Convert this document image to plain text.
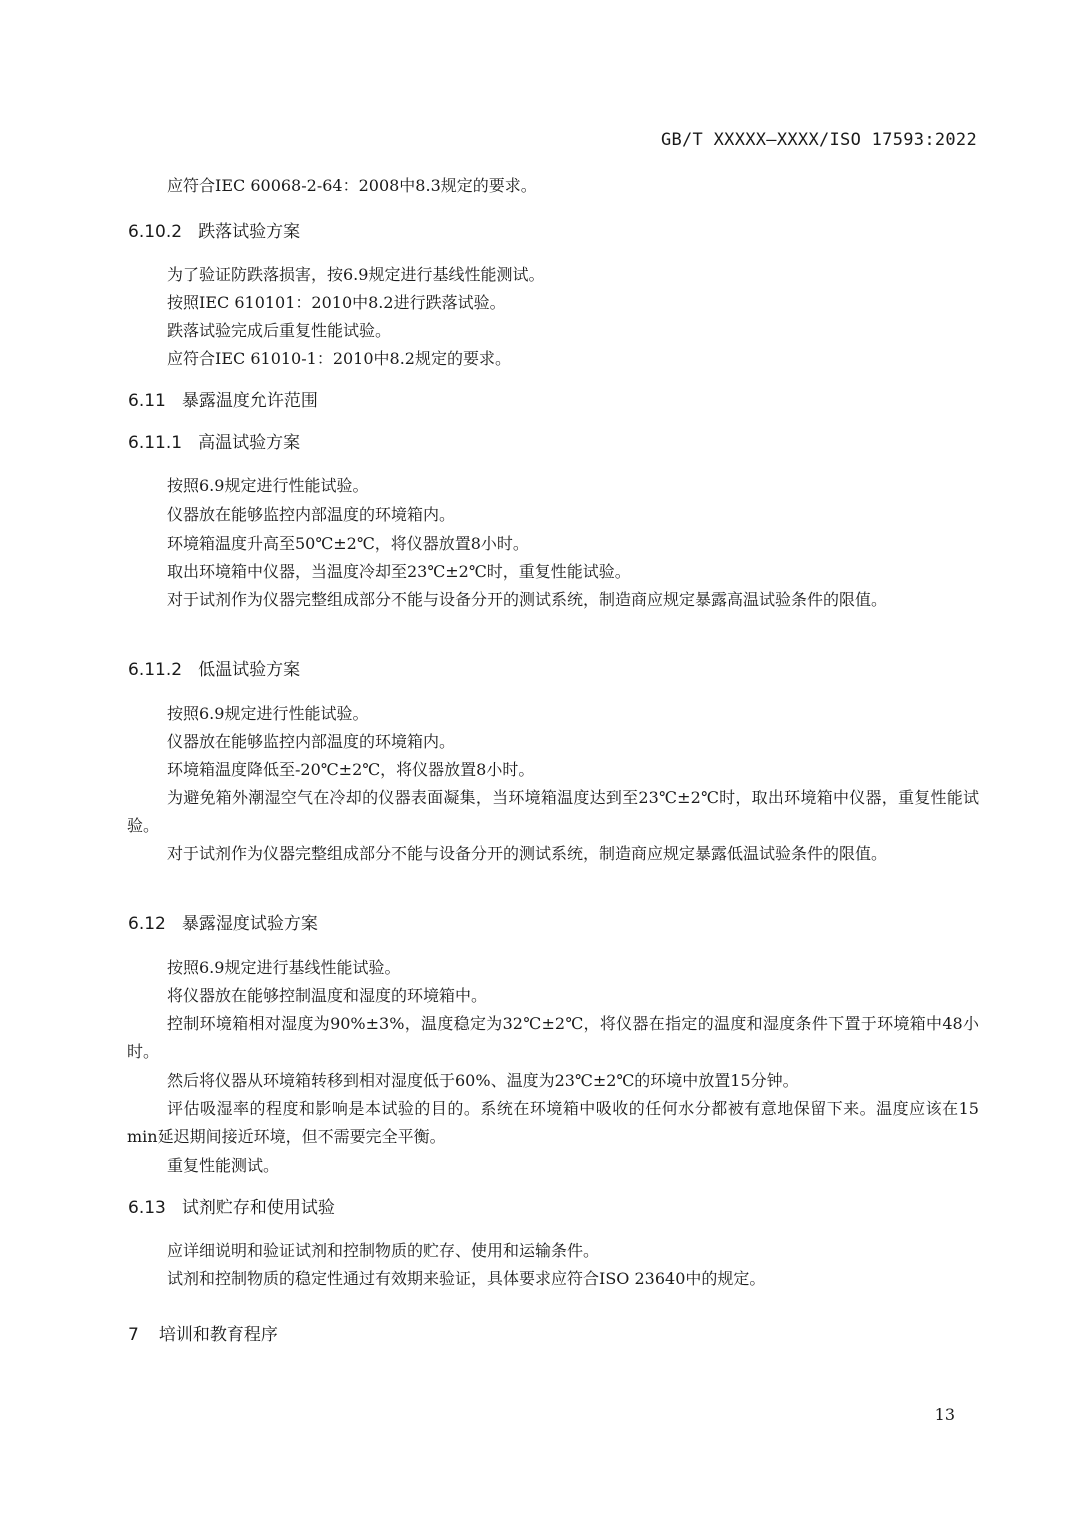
GB/T XXXXX—XXXX/ISO 17593:2022
应符合IEC 60068-2-64：2008中8.3规定的要求。
6.10.2 跌落试验方案
为了验证防跌落损害，按6.9规定进行基线性能测试。
按照IEC 610101：2010中8.2进行跌落试验。
跌落试验完成后重复性能试验。
应符合IEC 61010-1：2010中8.2规定的要求。
6.11 暴露温度允许范围
6.11.1 高温试验方案
按照6.9规定进行性能试验。
仪器放在能够监控内部温度的环境箱内。
环境箱温度升高至50℃±2℃，将仪器放置8小时。
取出环境箱中仪器，当温度冷却至23℃±2℃时，重复性能试验。
对于试剂作为仪器完整组成部分不能与设备分开的测试系统，制造商应规定暴露高温试验条件的限值。
6.11.2 低温试验方案
按照6.9规定进行性能试验。
仪器放在能够监控内部温度的环境箱内。
环境箱温度降低至-20℃±2℃，将仪器放置8小时。
为避免箱外潮湿空气在冷却的仪器表面凝集，当环境箱温度达到至23℃±2℃时，取出环境箱中仪器，重复性能试验。
对于试剂作为仪器完整组成部分不能与设备分开的测试系统，制造商应规定暴露低温试验条件的限值。
6.12 暴露湿度试验方案
按照6.9规定进行基线性能试验。
将仪器放在能够控制温度和湿度的环境箱中。
控制环境箱相对湿度为90%±3%，温度稳定为32℃±2℃，将仪器在指定的温度和湿度条件下置于环境箱中48小时。
然后将仪器从环境箱转移到相对湿度低于60%、温度为23℃±2℃的环境中放置15分钟。
评估吸湿率的程度和影响是本试验的目的。系统在环境箱中吸收的任何水分都被有意地保留下来。温度应该在15 min延迟期间接近环境，但不需要完全平衡。
重复性能测试。
6.13 试剂贮存和使用试验
应详细说明和验证试剂和控制物质的贮存、使用和运输条件。
试剂和控制物质的稳定性通过有效期来验证，具体要求应符合ISO 23640中的规定。
7 培训和教育程序
13
